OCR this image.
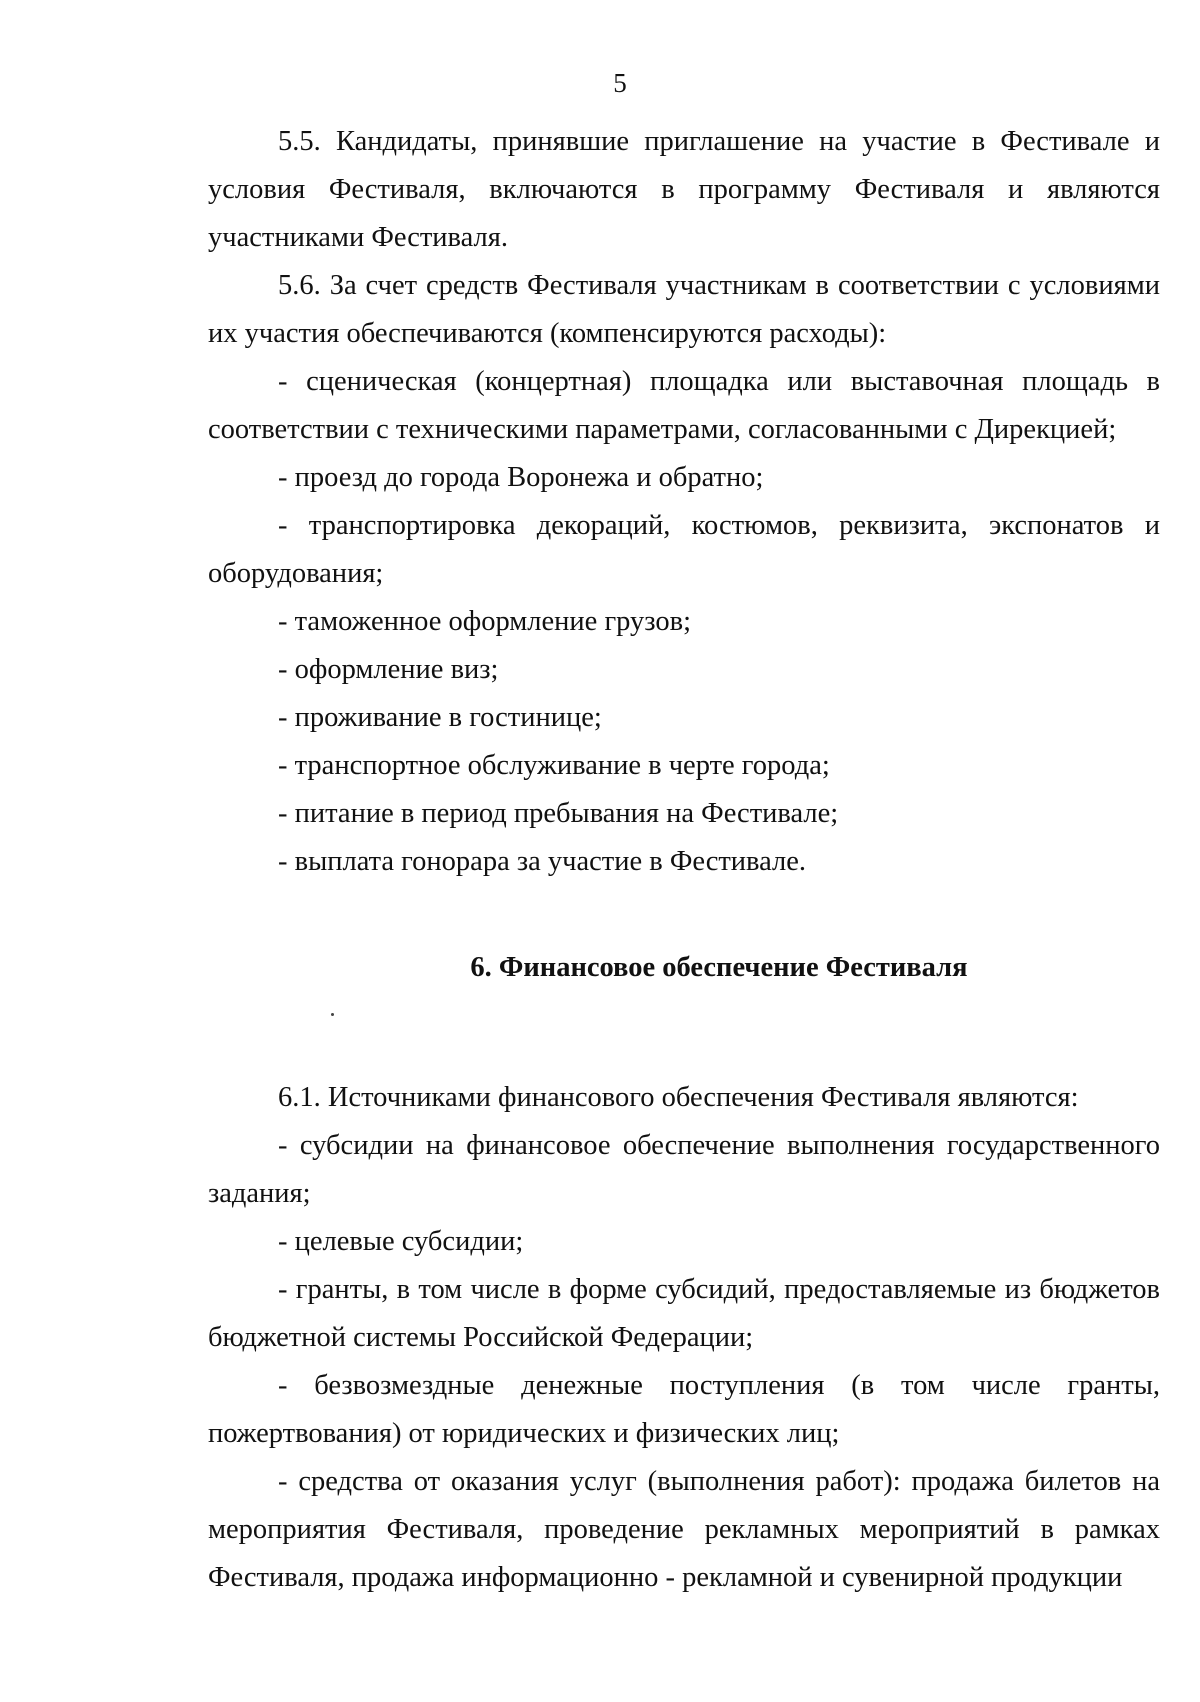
5

5.5. Кандидаты, принявшие приглашение на участие в Фестивале и условия Фестиваля, включаются в программу Фестиваля и являются участниками Фестиваля.

5.6. За счет средств Фестиваля участникам в соответствии с условиями их участия обеспечиваются (компенсируются расходы):

- сценическая (концертная) площадка или выставочная площадь в соответствии с техническими параметрами, согласованными с Дирекцией;

- проезд до города Воронежа и обратно;

- транспортировка декораций, костюмов, реквизита, экспонатов и оборудования;

- таможенное оформление грузов;

- оформление виз;

- проживание в гостинице;

- транспортное обслуживание в черте города;

- питание в период пребывания на Фестивале;

- выплата гонорара за участие в Фестивале.

6. Финансовое обеспечение Фестиваля

6.1. Источниками финансового обеспечения Фестиваля являются:

- субсидии на финансовое обеспечение выполнения государственного задания;

- целевые субсидии;

- гранты, в том числе в форме субсидий, предоставляемые из бюджетов бюджетной системы Российской Федерации;

- безвозмездные денежные поступления (в том числе гранты, пожертвования) от юридических и физических лиц;

- средства от оказания услуг (выполнения работ): продажа билетов на мероприятия Фестиваля, проведение рекламных мероприятий в рамках Фестиваля, продажа информационно - рекламной и сувенирной продукции
